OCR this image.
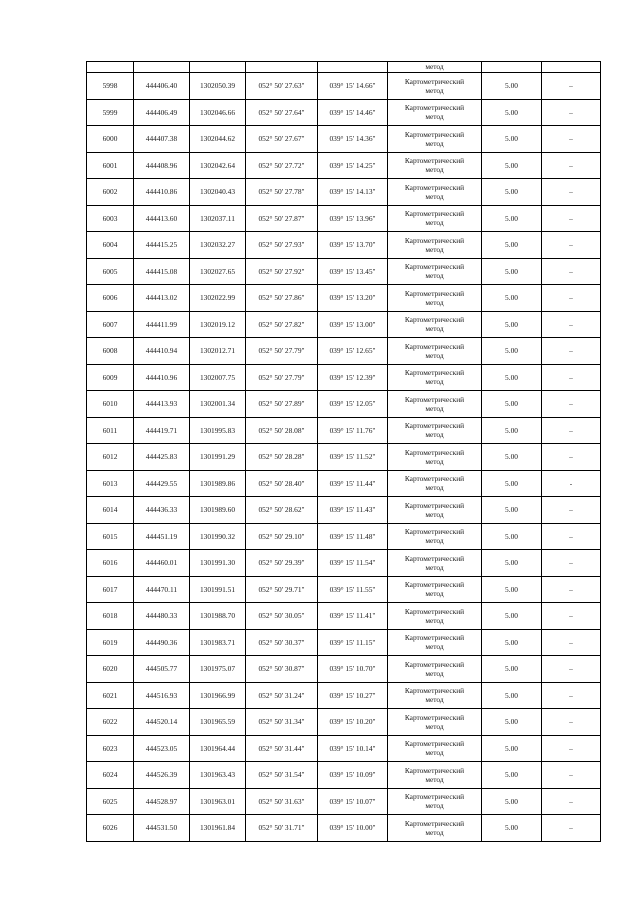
					метод		

5998	444406.40	1302050.39	052° 50' 27.63"	039° 15' 14.66"	Картометрический
метод	5.00	–
5999	444406.49	1302046.66	052° 50' 27.64"	039° 15' 14.46"	Картометрический
метод	5.00	–
6000	444407.38	1302044.62	052° 50' 27.67"	039° 15' 14.36"	Картометрический
метод	5.00	–
6001	444408.96	1302042.64	052° 50' 27.72"	039° 15' 14.25"	Картометрический
метод	5.00	–
6002	444410.86	1302040.43	052° 50' 27.78"	039° 15' 14.13"	Картометрический
метод	5.00	–
6003	444413.60	1302037.11	052° 50' 27.87"	039° 15' 13.96"	Картометрический
метод	5.00	–
6004	444415.25	1302032.27	052° 50' 27.93"	039° 15' 13.70"	Картометрический
метод	5.00	–
6005	444415.08	1302027.65	052° 50' 27.92"	039° 15' 13.45"	Картометрический
метод	5.00	–
6006	444413.02	1302022.99	052° 50' 27.86"	039° 15' 13.20"	Картометрический
метод	5.00	–
6007	444411.99	1302019.12	052° 50' 27.82"	039° 15' 13.00"	Картометрический
метод	5.00	–
6008	444410.94	1302012.71	052° 50' 27.79"	039° 15' 12.65"	Картометрический
метод	5.00	–
6009	444410.96	1302007.75	052° 50' 27.79"	039° 15' 12.39"	Картометрический
метод	5.00	–
6010	444413.93	1302001.34	052° 50' 27.89"	039° 15' 12.05"	Картометрический
метод	5.00	–
6011	444419.71	1301995.83	052° 50' 28.08"	039° 15' 11.76"	Картометрический
метод	5.00	–
6012	444425.83	1301991.29	052° 50' 28.28"	039° 15' 11.52"	Картометрический
метод	5.00	–
6013	444429.55	1301989.86	052° 50' 28.40"	039° 15' 11.44"	Картометрический
метод	5.00	-
6014	444436.33	1301989.60	052° 50' 28.62"	039° 15' 11.43"	Картометрический
метод	5.00	–
6015	444451.19	1301990.32	052° 50' 29.10"	039° 15' 11.48"	Картометрический
метод	5.00	–
6016	444460.01	1301991.30	052° 50' 29.39"	039° 15' 11.54"	Картометрический
метод	5.00	–
6017	444470.11	1301991.51	052° 50' 29.71"	039° 15' 11.55"	Картометрический
метод	5.00	–
6018	444480.33	1301988.70	052° 50' 30.05"	039° 15' 11.41"	Картометрический
метод	5.00	–
6019	444490.36	1301983.71	052° 50' 30.37"	039° 15' 11.15"	Картометрический
метод	5.00	–
6020	444505.77	1301975.07	052° 50' 30.87"	039° 15' 10.70"	Картометрический
метод	5.00	–
6021	444516.93	1301966.99	052° 50' 31.24"	039° 15' 10.27"	Картометрический
метод	5.00	–
6022	444520.14	1301965.59	052° 50' 31.34"	039° 15' 10.20"	Картометрический
метод	5.00	–
6023	444523.05	1301964.44	052° 50' 31.44"	039° 15' 10.14"	Картометрический
метод	5.00	–
6024	444526.39	1301963.43	052° 50' 31.54"	039° 15' 10.09"	Картометрический
метод	5.00	–
6025	444528.97	1301963.01	052° 50' 31.63"	039° 15' 10.07"	Картометрический
метод	5.00	–
6026	444531.50	1301961.84	052° 50' 31.71"	039° 15' 10.00"	Картометрический
метод	5.00	–
